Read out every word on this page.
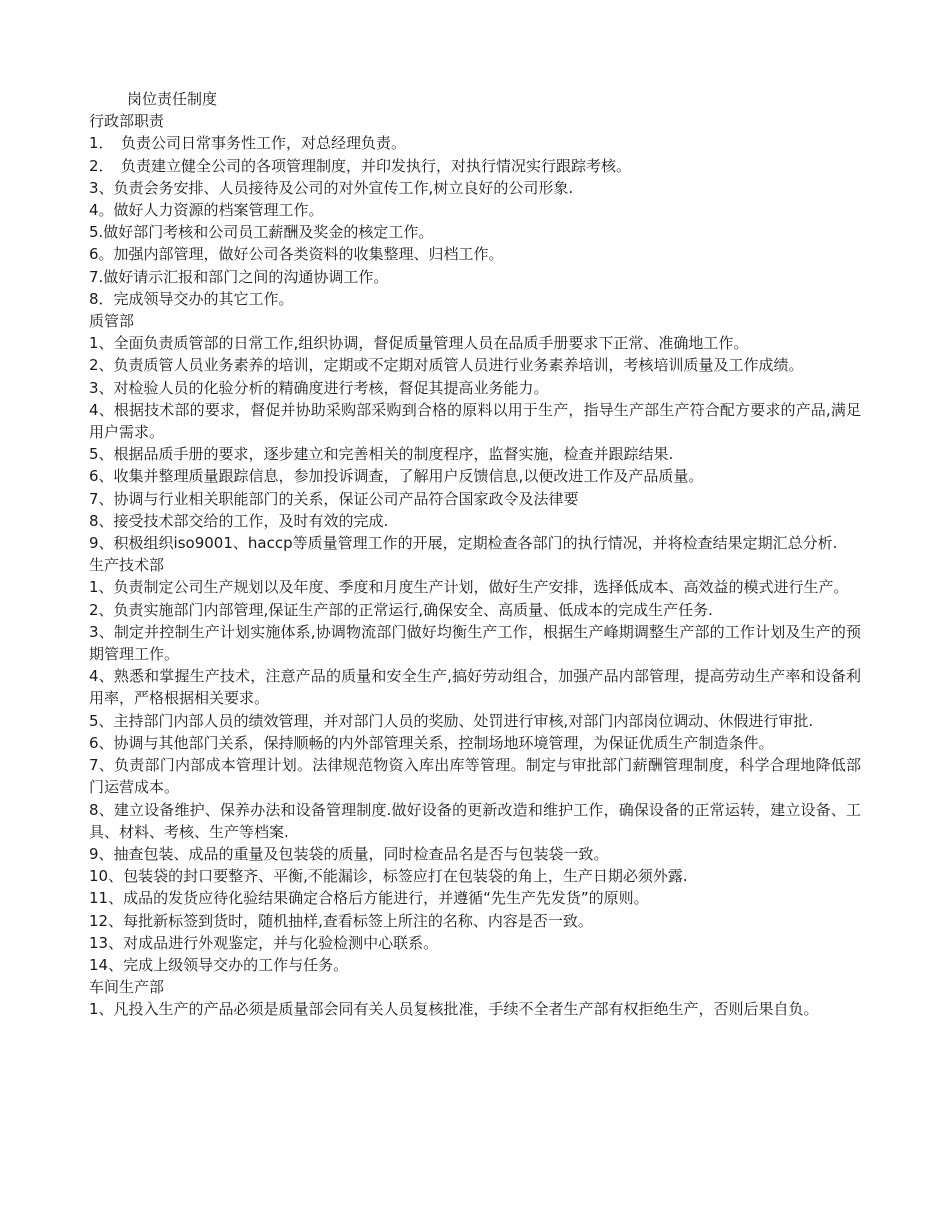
岗位责任制度
行政部职责
1．　负责公司日常事务性工作，对总经理负责。
2．　负责建立健全公司的各项管理制度，并印发执行，对执行情况实行跟踪考核。
3、负责会务安排、人员接待及公司的对外宣传工作,树立良好的公司形象.
4。做好人力资源的档案管理工作。
5.做好部门考核和公司员工薪酬及奖金的核定工作。
6。加强内部管理，做好公司各类资料的收集整理、归档工作。
7.做好请示汇报和部门之间的沟通协调工作。
8．完成领导交办的其它工作。
质管部
1、全面负责质管部的日常工作,组织协调，督促质量管理人员在品质手册要求下正常、准确地工作。
2、负责质管人员业务素养的培训，定期或不定期对质管人员进行业务素养培训，考核培训质量及工作成绩。
3、对检验人员的化验分析的精确度进行考核，督促其提高业务能力。
4、根据技术部的要求，督促并协助采购部采购到合格的原料以用于生产，指导生产部生产符合配方要求的产品,满足用户需求。
5、根据品质手册的要求，逐步建立和完善相关的制度程序，监督实施，检查并跟踪结果.
6、收集并整理质量跟踪信息，参加投诉调查，了解用户反馈信息,以便改进工作及产品质量。
7、协调与行业相关职能部门的关系，保证公司产品符合国家政令及法律要
8、接受技术部交给的工作，及时有效的完成.
9、积极组织iso9001、haccp等质量管理工作的开展，定期检查各部门的执行情况，并将检查结果定期汇总分析.
生产技术部
1、负责制定公司生产规划以及年度、季度和月度生产计划，做好生产安排，选择低成本、高效益的模式进行生产。
2、负责实施部门内部管理,保证生产部的正常运行,确保安全、高质量、低成本的完成生产任务.
3、制定并控制生产计划实施体系,协调物流部门做好均衡生产工作，根据生产峰期调整生产部的工作计划及生产的预期管理工作。
4、熟悉和掌握生产技术，注意产品的质量和安全生产,搞好劳动组合，加强产品内部管理，提高劳动生产率和设备利用率，严格根据相关要求。
5、主持部门内部人员的绩效管理，并对部门人员的奖励、处罚进行审核,对部门内部岗位调动、休假进行审批.
6、协调与其他部门关系，保持顺畅的内外部管理关系，控制场地环境管理，为保证优质生产制造条件。
7、负责部门内部成本管理计划。法律规范物资入库出库等管理。制定与审批部门薪酬管理制度，科学合理地降低部门运营成本。
8、建立设备维护、保养办法和设备管理制度.做好设备的更新改造和维护工作，确保设备的正常运转，建立设备、工具、材料、考核、生产等档案.
9、抽查包装、成品的重量及包装袋的质量，同时检查品名是否与包装袋一致。
10、包装袋的封口要整齐、平衡,不能漏诊，标签应打在包装袋的角上，生产日期必须外露.
11、成品的发货应待化验结果确定合格后方能进行，并遵循“先生产先发货”的原则。
12、每批新标签到货时，随机抽样,查看标签上所注的名称、内容是否一致。
13、对成品进行外观鉴定，并与化验检测中心联系。
14、完成上级领导交办的工作与任务。
车间生产部
1、凡投入生产的产品必须是质量部会同有关人员复核批准，手续不全者生产部有权拒绝生产，否则后果自负。
